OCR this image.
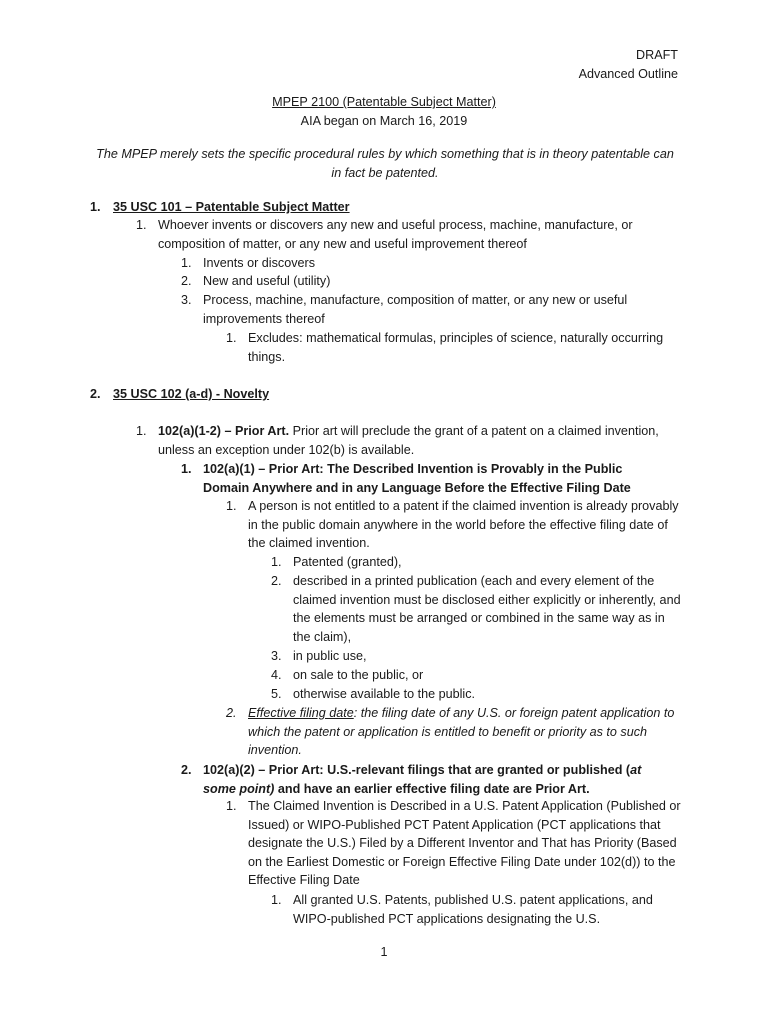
DRAFT
Advanced Outline
MPEP 2100 (Patentable Subject Matter)
AIA began on March 16, 2019
The MPEP merely sets the specific procedural rules by which something that is in theory patentable can in fact be patented.
1. 35 USC 101 – Patentable Subject Matter
1. Whoever invents or discovers any new and useful process, machine, manufacture, or composition of matter, or any new and useful improvement thereof
1. Invents or discovers
2. New and useful (utility)
3. Process, machine, manufacture, composition of matter, or any new or useful improvements thereof
1. Excludes: mathematical formulas, principles of science, naturally occurring things.
2. 35 USC 102 (a-d) - Novelty
1. 102(a)(1-2) – Prior Art. Prior art will preclude the grant of a patent on a claimed invention, unless an exception under 102(b) is available.
1. 102(a)(1) – Prior Art: The Described Invention is Provably in the Public Domain Anywhere and in any Language Before the Effective Filing Date
1. A person is not entitled to a patent if the claimed invention is already provably in the public domain anywhere in the world before the effective filing date of the claimed invention.
1. Patented (granted),
2. described in a printed publication (each and every element of the claimed invention must be disclosed either explicitly or inherently, and the elements must be arranged or combined in the same way as in the claim),
3. in public use,
4. on sale to the public, or
5. otherwise available to the public.
2. Effective filing date: the filing date of any U.S. or foreign patent application to which the patent or application is entitled to benefit or priority as to such invention.
2. 102(a)(2) – Prior Art: U.S.-relevant filings that are granted or published (at some point) and have an earlier effective filing date are Prior Art.
1. The Claimed Invention is Described in a U.S. Patent Application (Published or Issued) or WIPO-Published PCT Patent Application (PCT applications that designate the U.S.) Filed by a Different Inventor and That has Priority (Based on the Earliest Domestic or Foreign Effective Filing Date under 102(d)) to the Effective Filing Date
1. All granted U.S. Patents, published U.S. patent applications, and WIPO-published PCT applications designating the U.S.
1
